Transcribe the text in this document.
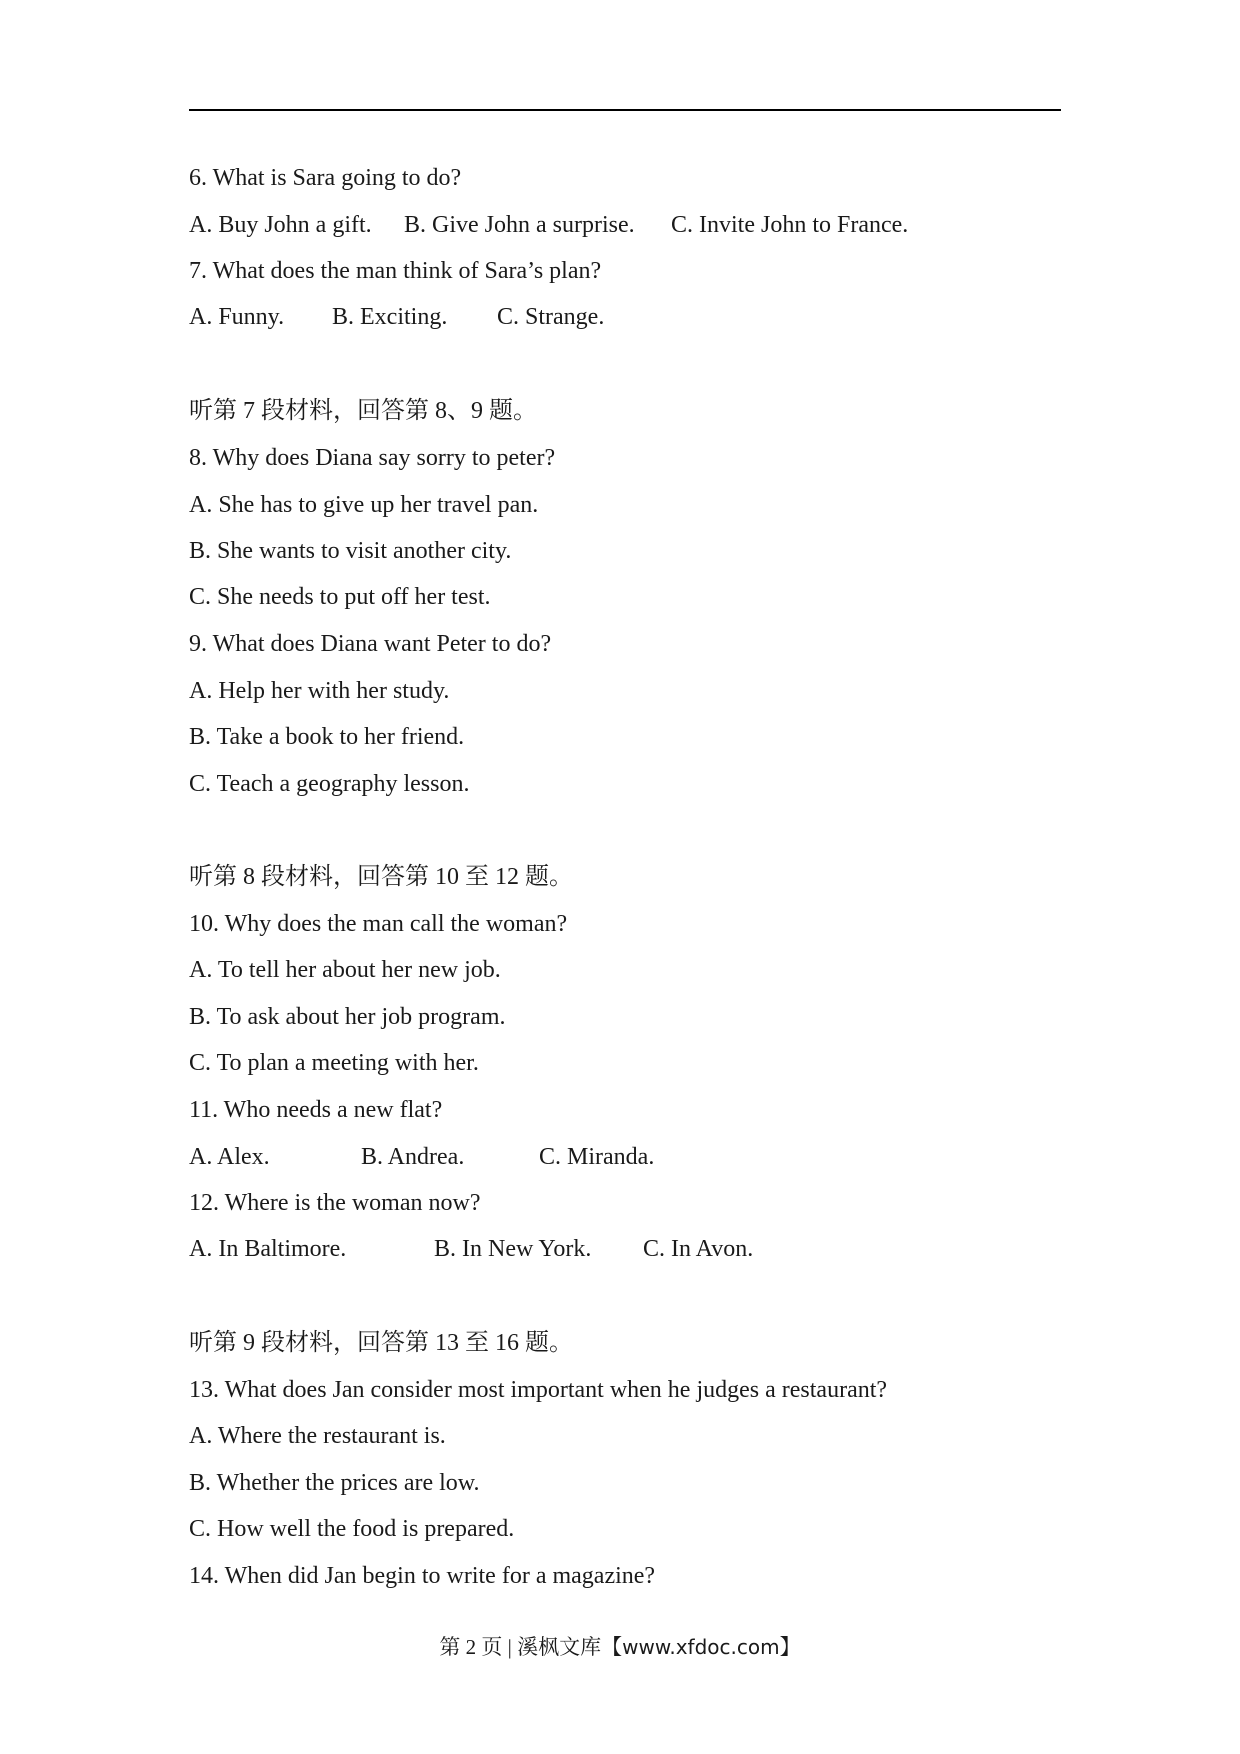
6. What is Sara going to do?
A. Buy John a gift. B. Give John a surprise. C. Invite John to France.
7. What does the man think of Sara’s plan?
A. Funny. B. Exciting. C. Strange.
听第 7 段材料，回答第 8、9 题。
8. Why does Diana say sorry to peter?
A. She has to give up her travel pan.
B. She wants to visit another city.
C. She needs to put off her test.
9. What does Diana want Peter to do?
A. Help her with her study.
B. Take a book to her friend.
C. Teach a geography lesson.
听第 8 段材料，回答第 10 至 12 题。
10. Why does the man call the woman?
A. To tell her about her new job.
B. To ask about her job program.
C. To plan a meeting with her.
11. Who needs a new flat?
A. Alex.	B. Andrea.	C. Miranda.
12. Where is the woman now?
A. In Baltimore.	B. In New York. C. In Avon.
听第 9 段材料，回答第 13 至 16 题。
13. What does Jan consider most important when he judges a restaurant?
A. Where the restaurant is.
B. Whether the prices are low.
C. How well the food is prepared.
14. When did Jan begin to write for a magazine?
第 2 页 | 溪枫文库【www.xfdoc.com】
